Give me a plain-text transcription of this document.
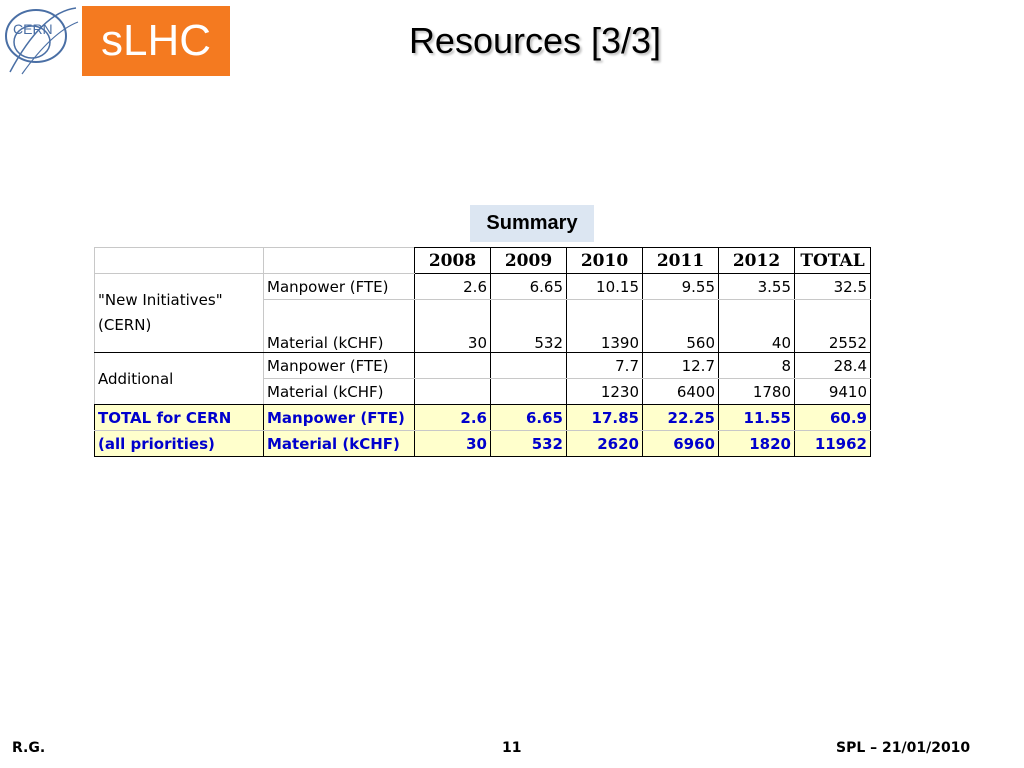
CERN sLHC	Resources [3/3]
Summary
		2008	2009	2010	2011	2012	TOTAL
"New Initiatives"
(CERN)	Manpower (FTE)	2.6	6.65	10.15	9.55	3.55	32.5
	Material (kCHF)	30	532	1390	560	40	2552
Additional	Manpower (FTE)			7.7	12.7	8	28.4
	Material (kCHF)			1230	6400	1780	9410
TOTAL for CERN	Manpower (FTE)	2.6	6.65	17.85	22.25	11.55	60.9
(all priorities)	Material (kCHF)	30	532	2620	6960	1820	11962
R.G.	11	SPL – 21/01/2010
